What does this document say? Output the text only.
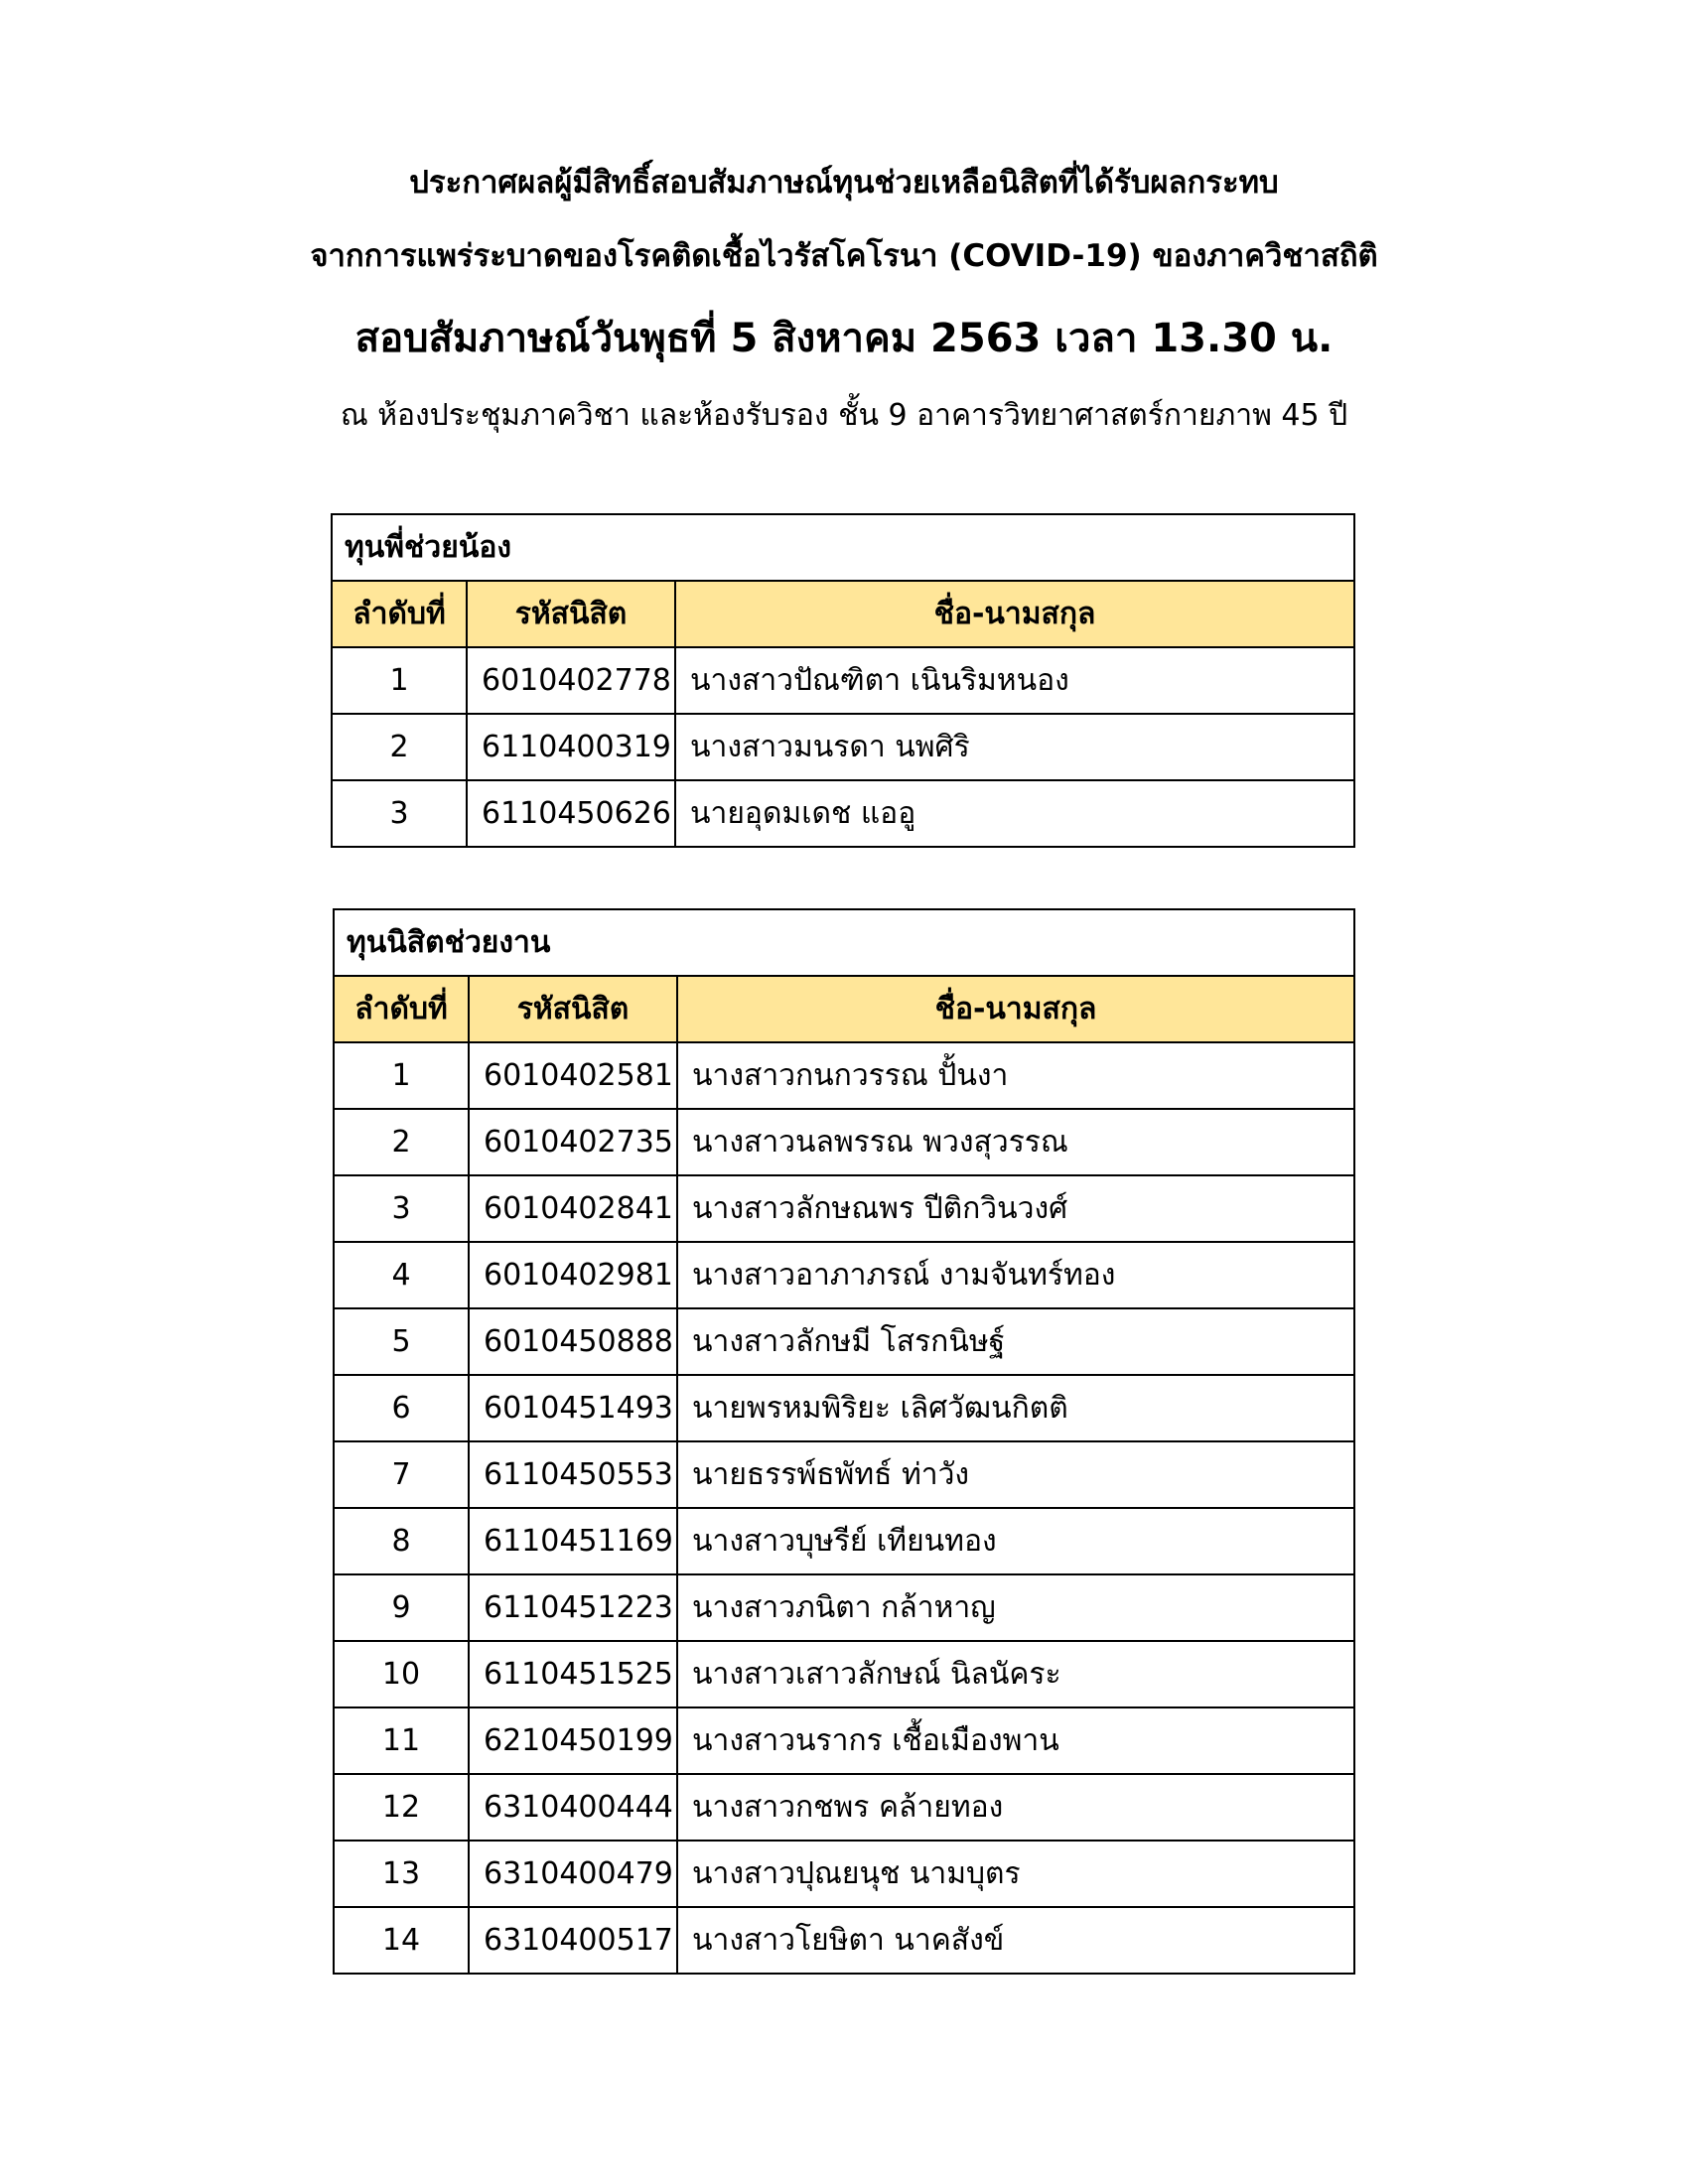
ประกาศผลผู้มีสิทธิ์สอบสัมภาษณ์ทุนช่วยเหลือนิสิตที่ได้รับผลกระทบ
จากการแพร่ระบาดของโรคติดเชื้อไวรัสโคโรนา (COVID-19) ของภาควิชาสถิติ
สอบสัมภาษณ์วันพุธที่ 5 สิงหาคม 2563 เวลา 13.30 น.
ณ ห้องประชุมภาควิชา และห้องรับรอง ชั้น 9 อาคารวิทยาศาสตร์กายภาพ 45 ปี
ทุนพี่ช่วยน้อง		
ลำดับที่	รหัสนิสิต	ชื่อ-นามสกุล
1	6010402778	นางสาวปัณฑิตา เนินริมหนอง
2	6110400319	นางสาวมนรดา นพศิริ
3	6110450626	นายอุดมเดช แออู
ทุนนิสิตช่วยงาน		
ลำดับที่	รหัสนิสิต	ชื่อ-นามสกุล
1	6010402581	นางสาวกนกวรรณ ปั้นงา
2	6010402735	นางสาวนลพรรณ พวงสุวรรณ
3	6010402841	นางสาวลักษณพร ปีติกวินวงศ์
4	6010402981	นางสาวอาภาภรณ์ งามจันทร์ทอง
5	6010450888	นางสาวลักษมี โสรกนิษฐ์
6	6010451493	นายพรหมพิริยะ เลิศวัฒนกิตติ
7	6110450553	นายธรรพ์ธพัทธ์ ท่าวัง
8	6110451169	นางสาวบุษรีย์ เทียนทอง
9	6110451223	นางสาวภนิตา กล้าหาญ
10	6110451525	นางสาวเสาวลักษณ์ นิลนัคระ
11	6210450199	นางสาวนรากร เชื้อเมืองพาน
12	6310400444	นางสาวกชพร คล้ายทอง
13	6310400479	นางสาวปุณยนุช นามบุตร
14	6310400517	นางสาวโยษิตา นาคสังข์
